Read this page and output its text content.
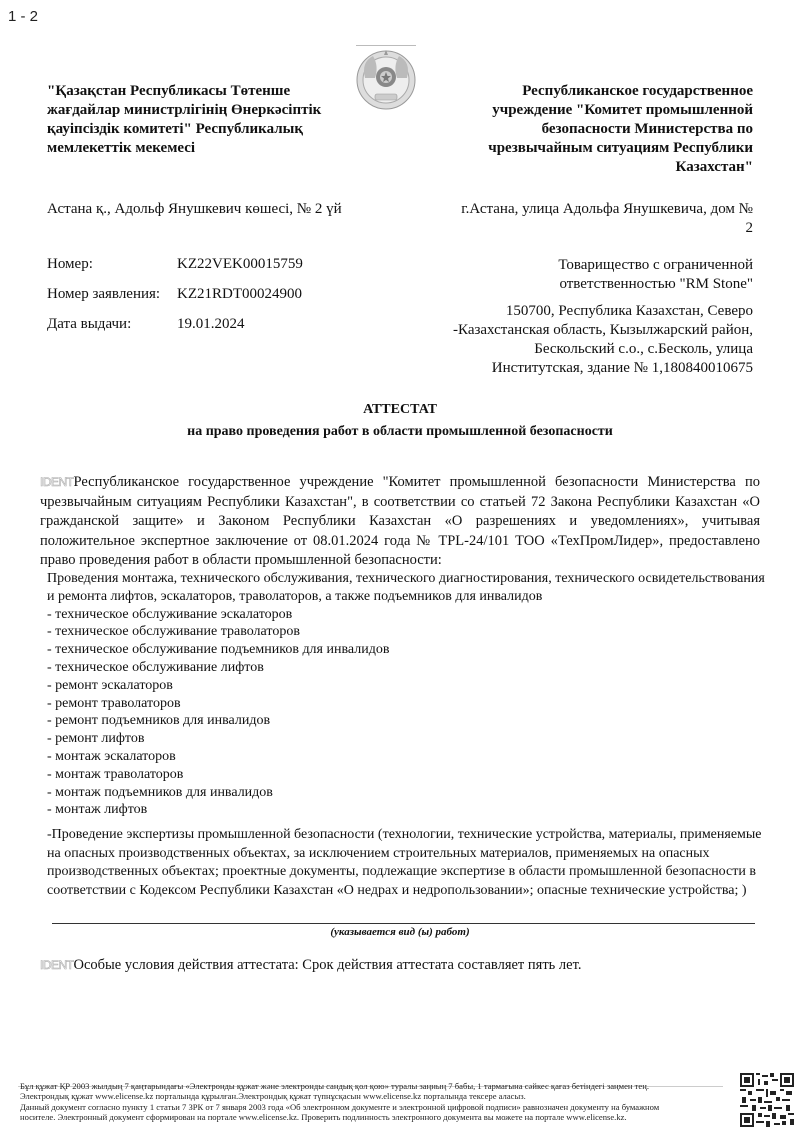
1 - 2
"Қазақстан Республикасы Төтенше жағдайлар министрлігінің Өнеркәсіптік қауіпсіздік комитеті" Республикалық мемлекеттік мекемесі
Республиканское государственное учреждение "Комитет промышленной безопасности Министерства по чрезвычайным ситуациям Республики Казахстан"
Астана қ., Адольф Янушкевич көшесі, № 2 үй	г.Астана, улица Адольфа Янушкевича, дом № 2
Номер:	KZ22VEK00015759
Номер заявления: KZ21RDT00024900
Дата выдачи:	19.01.2024
Товарищество с ограниченной ответственностью "RM Stone"
150700, Республика Казахстан, Северо -Казахстанская область, Кызылжарский район, Бескольский с.о., с.Бесколь, улица Институтская, здание № 1,180840010675
АТТЕСТАТ
на право проведения работ в области промышленной безопасности
IDENTРеспубликанское государственное учреждение "Комитет промышленной безопасности Министерства по чрезвычайным ситуациям Республики Казахстан", в соответствии со статьей 72 Закона Республики Казахстан «О гражданской защите» и Законом Республики Казахстан «О разрешениях и уведомлениях», учитывая положительное экспертное заключение от 08.01.2024 года № TPL-24/101 ТОО «ТехПромЛидер», предоставлено право проведения работ в области промышленной безопасности:
Проведения монтажа, технического обслуживания, технического диагностирования, технического освидетельствования и ремонта лифтов, эскалаторов, траволаторов, а также подъемников для инвалидов
- техническое обслуживание эскалаторов
- техническое обслуживание траволаторов
- техническое обслуживание подъемников для инвалидов
- техническое обслуживание лифтов
- ремонт эскалаторов
- ремонт траволаторов
- ремонт подъемников для инвалидов
- ремонт лифтов
- монтаж эскалаторов
- монтаж траволаторов
- монтаж подъемников для инвалидов
- монтаж лифтов
-Проведение экспертизы промышленной безопасности (технологии, технические устройства, материалы, применяемые на опасных производственных объектах, за исключением строительных материалов, применяемых на опасных производственных объектах; проектные документы, подлежащие экспертизе в области промышленной безопасности в соответствии с Кодексом Республики Казахстан «О недрах и недропользовании»; опасные технические устройства; )
(указывается вид (ы) работ)
IDENTОсобые условия действия аттестата: Срок действия аттестата составляет пять лет.
Бұл құжат ҚР 2003 жылдың 7 қаңтарындағы «Электронды құжат және электронды сандық қол қою» туралы заңның 7 бабы, 1 тармағына сәйкес қағаз бетіндегі заңмен тең.
Электрондық құжат www.elicense.kz порталында құрылған.Электрондық құжат түпнұсқасын www.elicense.kz порталында тексере аласыз.
Данный документ согласно пункту 1 статьи 7 ЗРК от 7 января 2003 года «Об электронном документе и электронной цифровой подписи» равнозначен документу на бумажном
носителе. Электронный документ сформирован на портале www.elicense.kz. Проверить подлинность электронного документа вы можете на портале www.elicense.kz.
